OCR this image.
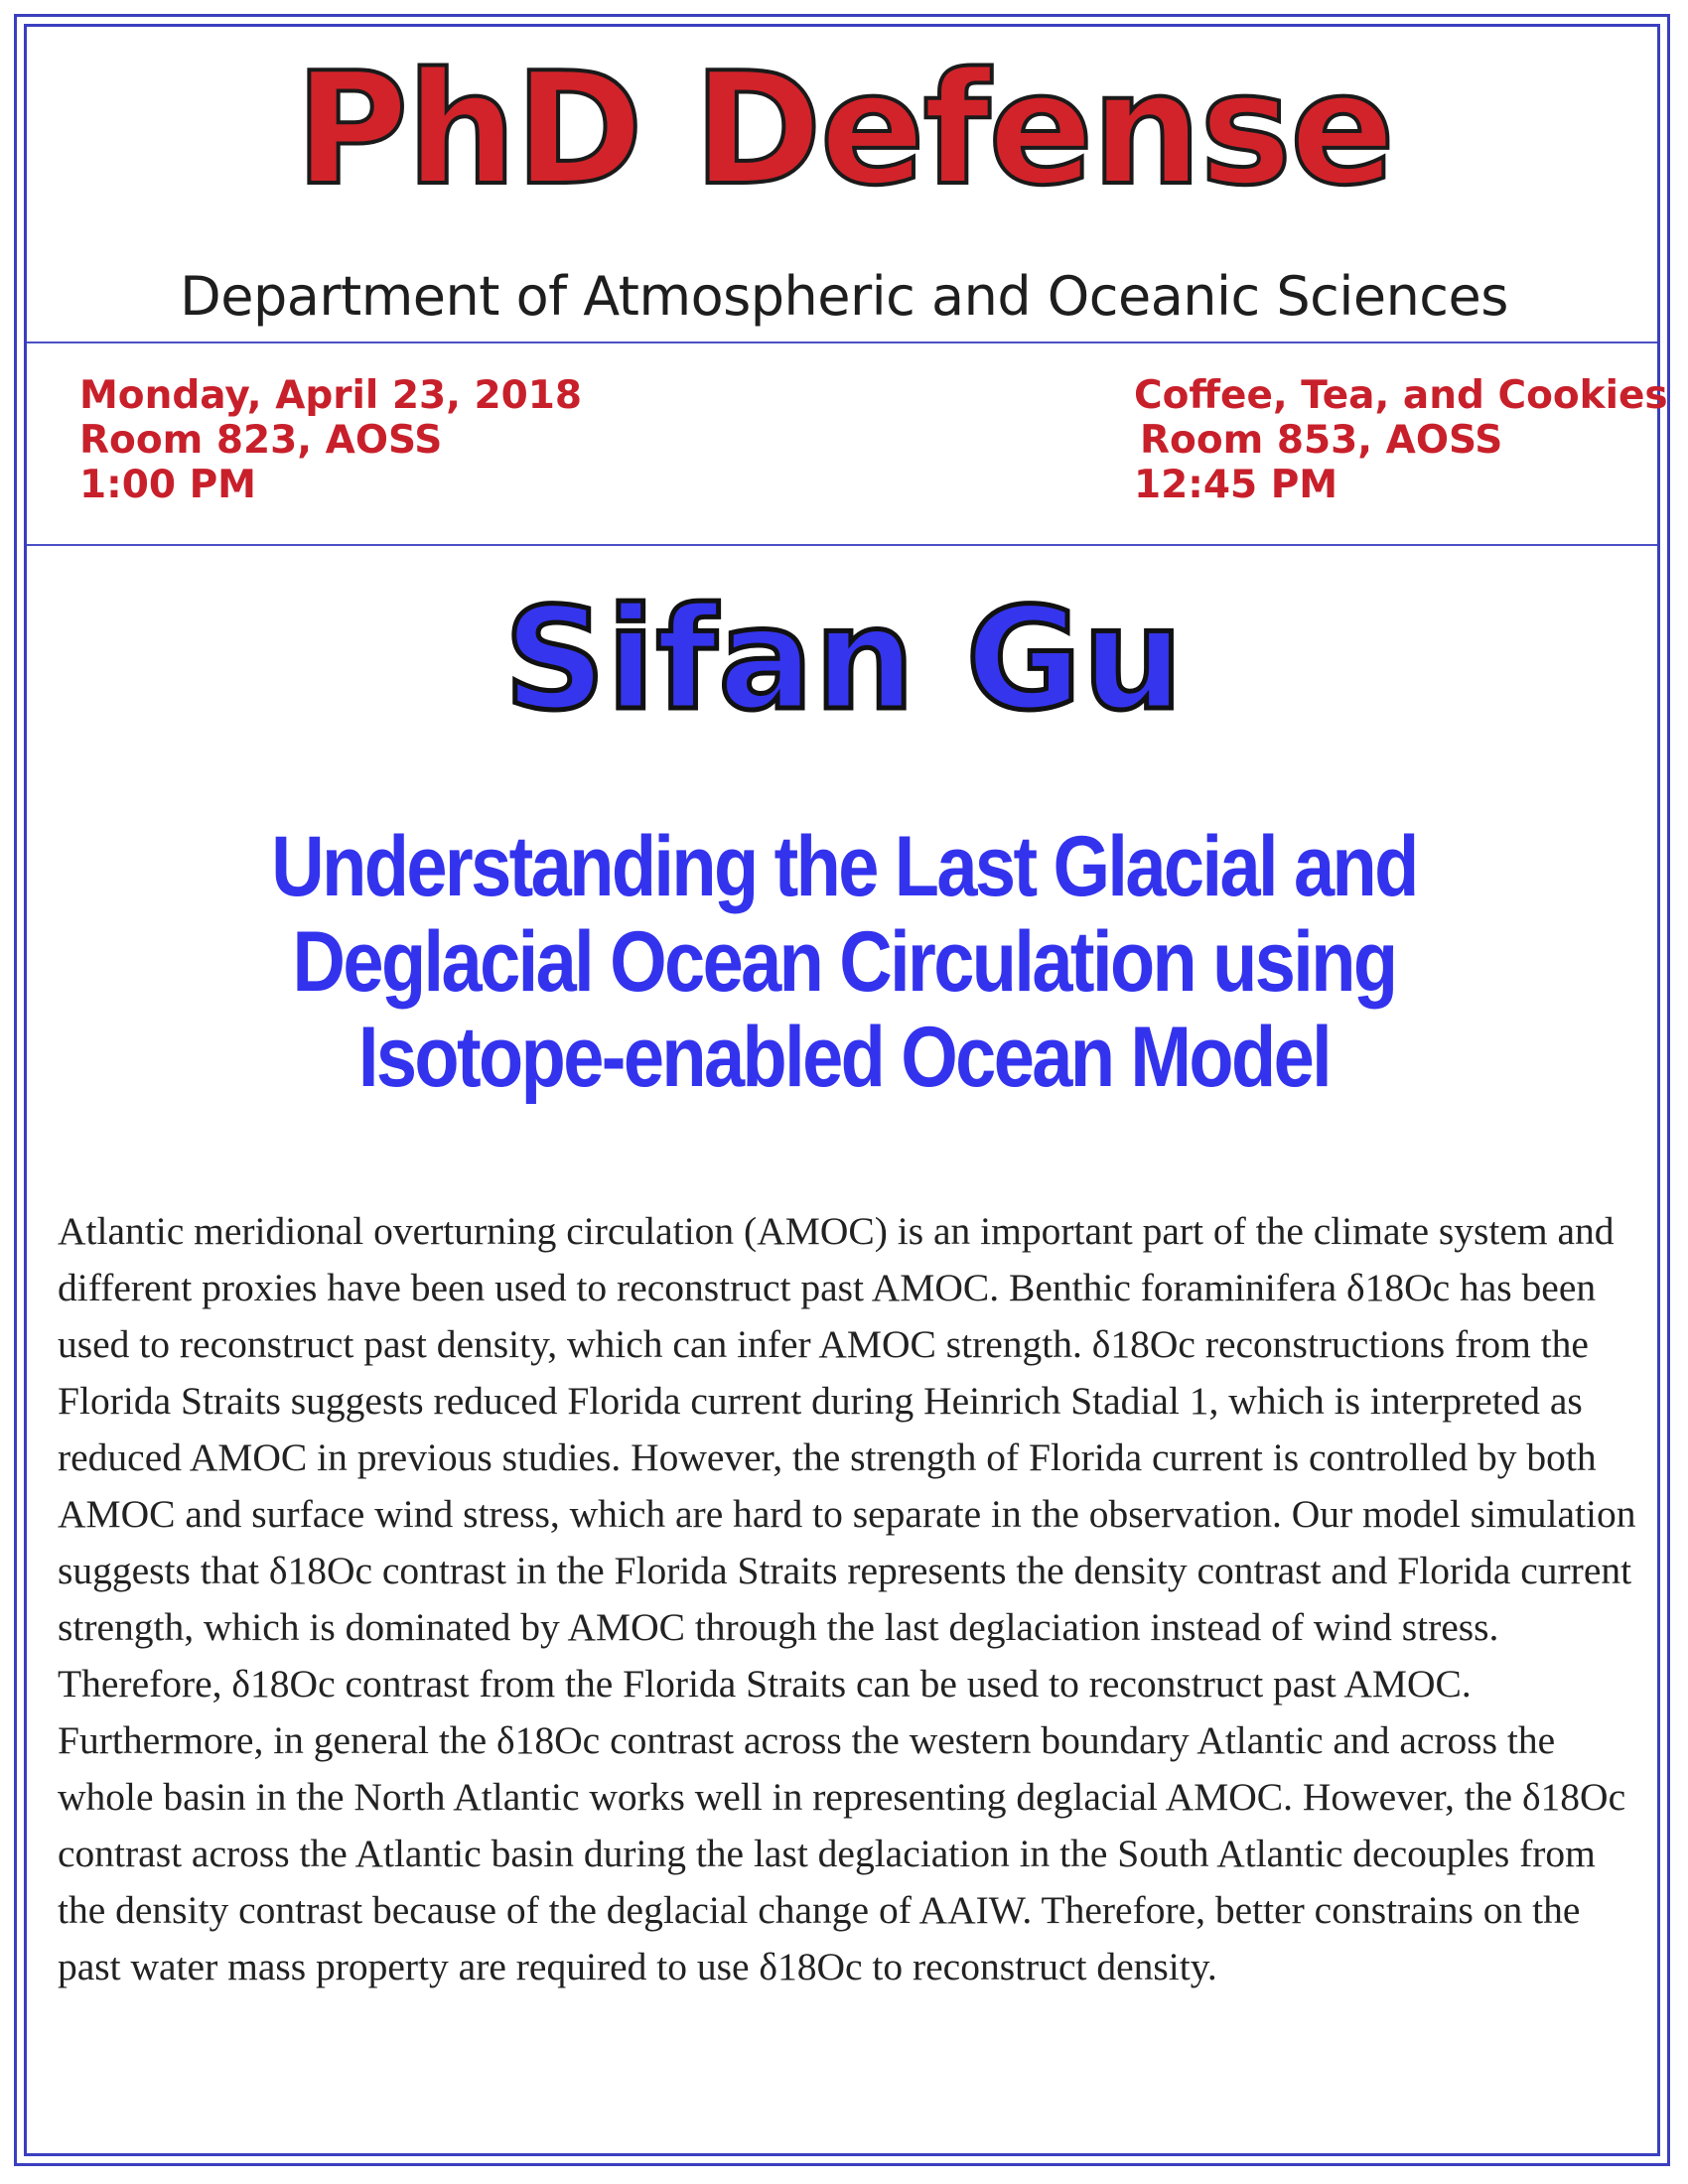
PhD Defense
Department of Atmospheric and Oceanic Sciences
Monday, April 23, 2018
Room 823, AOSS
1:00 PM
Coffee, Tea, and Cookies
Room 853, AOSS
12:45 PM
Sifan Gu
Understanding the Last Glacial and Deglacial Ocean Circulation using Isotope-enabled Ocean Model

Atlantic meridional overturning circulation (AMOC) is an important part of the climate system and different proxies have been used to reconstruct past AMOC. Benthic foraminifera δ18Oc has been used to reconstruct past density, which can infer AMOC strength. δ18Oc reconstructions from the Florida Straits suggests reduced Florida current during Heinrich Stadial 1, which is interpreted as reduced AMOC in previous studies. However, the strength of Florida current is controlled by both AMOC and surface wind stress, which are hard to separate in the observation. Our model simulation suggests that δ18Oc contrast in the Florida Straits represents the density contrast and Florida current strength, which is dominated by AMOC through the last deglaciation instead of wind stress. Therefore, δ18Oc contrast from the Florida Straits can be used to reconstruct past AMOC. Furthermore, in general the δ18Oc contrast across the western boundary Atlantic and across the whole basin in the North Atlantic works well in representing deglacial AMOC. However, the δ18Oc contrast across the Atlantic basin during the last deglaciation in the South Atlantic decouples from the density contrast because of the deglacial change of AAIW. Therefore, better constrains on the past water mass property are required to use δ18Oc to reconstruct density.
